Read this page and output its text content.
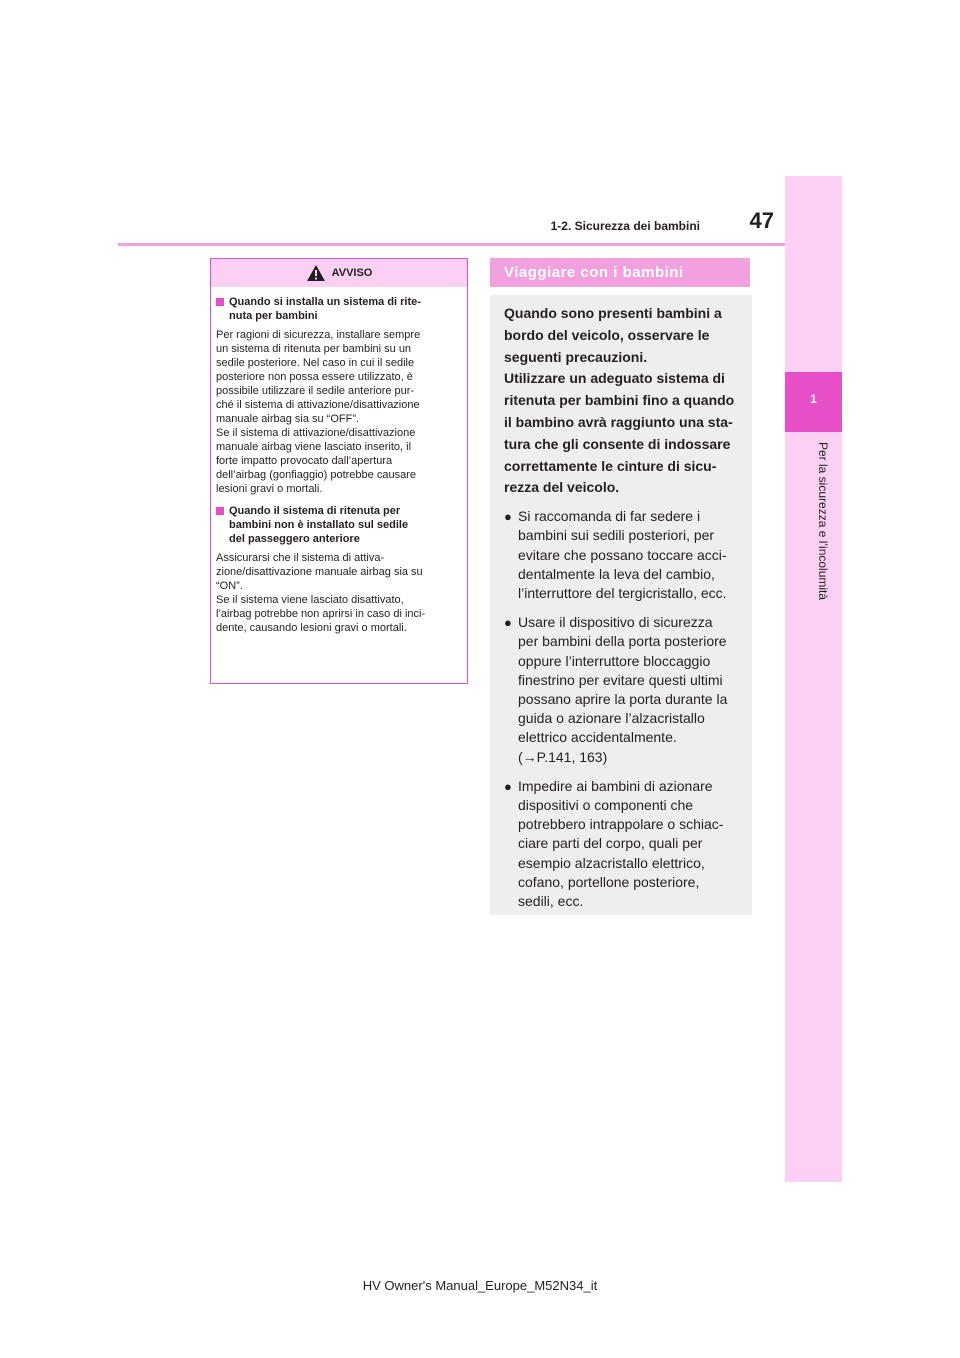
1
Per la sicurezza e l’incolumità
47
1-2. Sicurezza dei bambini
AVVISO
Quando si installa un sistema di rite-
nuta per bambini
Per ragioni di sicurezza, installare sempre
un sistema di ritenuta per bambini su un
sedile posteriore. Nel caso in cui il sedile
posteriore non possa essere utilizzato, è
possibile utilizzare il sedile anteriore pur-
ché il sistema di attivazione/disattivazione
manuale airbag sia su “OFF”.
Se il sistema di attivazione/disattivazione
manuale airbag viene lasciato inserito, il
forte impatto provocato dall’apertura
dell’airbag (gonfiaggio) potrebbe causare
lesioni gravi o mortali.
Quando il sistema di ritenuta per
bambini non è installato sul sedile
del passeggero anteriore
Assicurarsi che il sistema di attiva-
zione/disattivazione manuale airbag sia su
“ON”.
Se il sistema viene lasciato disattivato,
l’airbag potrebbe non aprirsi in caso di inci-
dente, causando lesioni gravi o mortali.
Viaggiare con i bambini
Quando sono presenti bambini a
bordo del veicolo, osservare le
seguenti precauzioni.
Utilizzare un adeguato sistema di
ritenuta per bambini fino a quando
il bambino avrà raggiunto una sta-
tura che gli consente di indossare
correttamente le cinture di sicu-
rezza del veicolo.
● Si raccomanda di far sedere i
bambini sui sedili posteriori, per
evitare che possano toccare acci-
dentalmente la leva del cambio,
l’interruttore del tergicristallo, ecc.
● Usare il dispositivo di sicurezza
per bambini della porta posteriore
oppure l’interruttore bloccaggio
finestrino per evitare questi ultimi
possano aprire la porta durante la
guida o azionare l’alzacristallo
elettrico accidentalmente.
(→P.141, 163)
● Impedire ai bambini di azionare
dispositivi o componenti che
potrebbero intrappolare o schiac-
ciare parti del corpo, quali per
esempio alzacristallo elettrico,
cofano, portellone posteriore,
sedili, ecc.
HV Owner's Manual_Europe_M52N34_it
